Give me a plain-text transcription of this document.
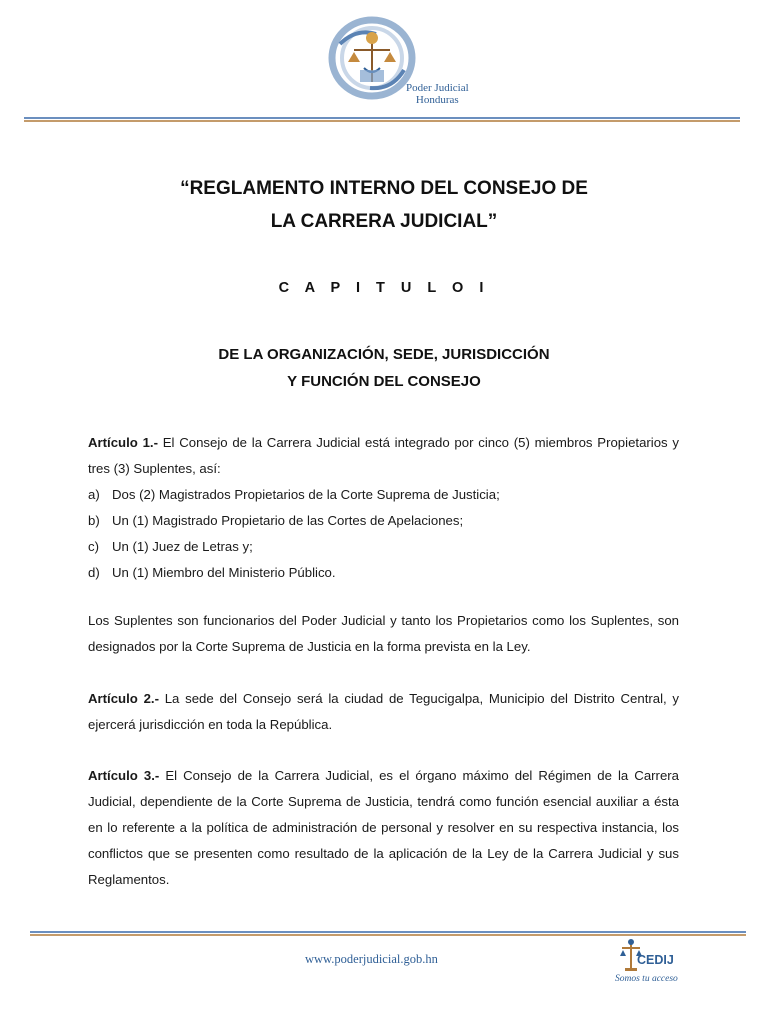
Poder Judicial
Honduras
“REGLAMENTO INTERNO DEL CONSEJO DE
LA CARRERA JUDICIAL”
C A P I T U L O I
DE LA ORGANIZACIÓN, SEDE, JURISDICCIÓN
Y FUNCIÓN DEL CONSEJO
Artículo 1.- El Consejo de la Carrera Judicial está integrado por cinco (5) miembros Propietarios y tres (3) Suplentes, así:
a) Dos (2) Magistrados Propietarios de la Corte Suprema de Justicia;
b) Un (1) Magistrado Propietario de las Cortes de Apelaciones;
c) Un (1) Juez de Letras y;
d) Un (1) Miembro del Ministerio Público.
Los Suplentes son funcionarios del Poder Judicial y tanto los Propietarios como los Suplentes, son designados por la Corte Suprema de Justicia en la forma prevista en la Ley.
Artículo 2.- La sede del Consejo será la ciudad de Tegucigalpa, Municipio del Distrito Central, y ejercerá jurisdicción en toda la República.
Artículo 3.- El Consejo de la Carrera Judicial, es el órgano máximo del Régimen de la Carrera Judicial, dependiente de la Corte Suprema de Justicia, tendrá como función esencial auxiliar a ésta en lo referente a la política de administración de personal y resolver en su respectiva instancia, los conflictos que se presenten como resultado de la aplicación de la Ley de la Carrera Judicial y sus Reglamentos.
www.poderjudicial.gob.hn	CEDIJ
Somos tu acceso
